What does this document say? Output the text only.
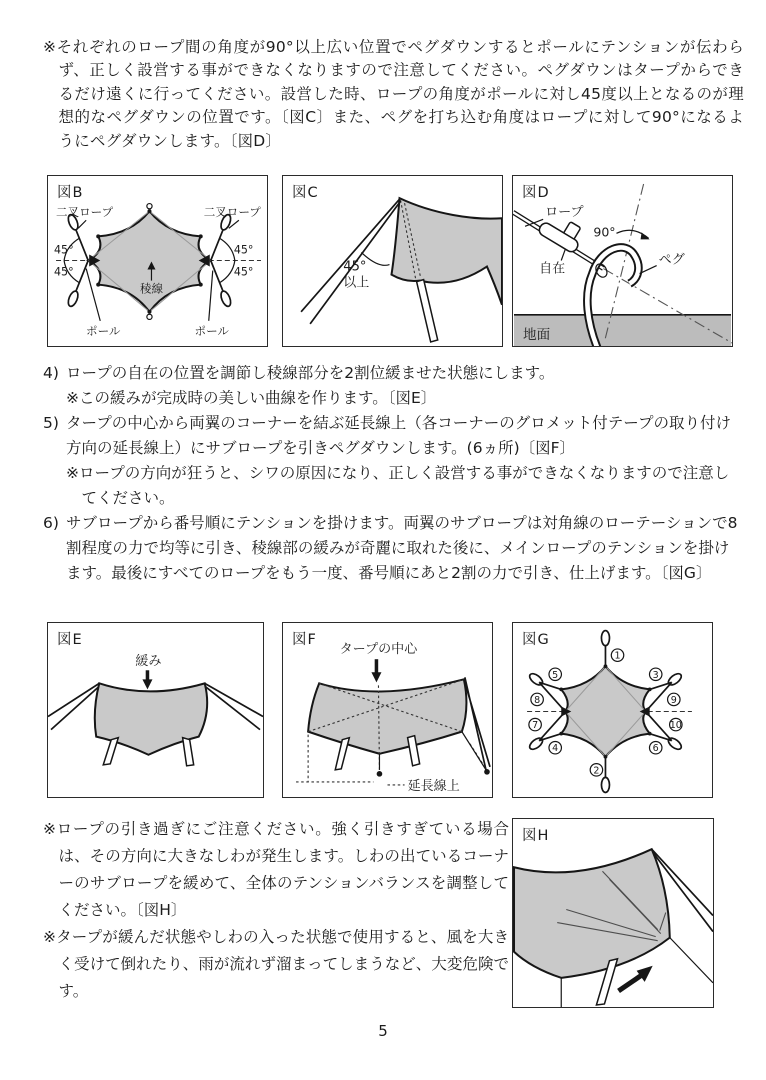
※それぞれのロープ間の角度が90°以上広い位置でペグダウンするとポールにテンションが伝わらず、正しく設営する事ができなくなりますので注意してください。ペグダウンはタープからできるだけ遠くに行ってください。設営した時、ロープの角度がポールに対し45度以上となるのが理想的なペグダウンの位置です。〔図C〕また、ペグを打ち込む角度はロープに対して90°になるようにペグダウンします。〔図D〕

図B
45°
45°
45°
45°
二叉ロープ	二叉ロープ
稜線
ポール	ポール
図C
45°
以上
図D
90°
ロープ
自在
ペグ
地面
4) ロープの自在の位置を調節し稜線部分を2割位緩ませた状態にします。
※この緩みが完成時の美しい曲線を作ります。〔図E〕
5) タープの中心から両翼のコーナーを結ぶ延長線上（各コーナーのグロメット付テープの取り付け方向の延長線上）にサブロープを引きペグダウンします。(6ヵ所)〔図F〕
※ロープの方向が狂うと、シワの原因になり、正しく設営する事ができなくなりますので注意してください。
6) サブロープから番号順にテンションを掛けます。両翼のサブロープは対角線のローテーションで8割程度の力で均等に引き、稜線部の緩みが奇麗に取れた後に、メインロープのテンションを掛けます。最後にすべてのロープをもう一度、番号順にあと2割の力で引き、仕上げます。〔図G〕
図E
緩み
図F
タープの中心
延長線上
図G
1
2
3
4
5
6
7
8	9
10

※ロープの引き過ぎにご注意ください。強く引きすぎている場合は、その方向に大きなしわが発生します。しわの出ているコーナーのサブロープを緩めて、全体のテンションバランスを調整してください。〔図H〕

※タープが緩んだ状態やしわの入った状態で使用すると、風を大きく受けて倒れたり、雨が流れず溜まってしまうなど、大変危険です。

図H
5
